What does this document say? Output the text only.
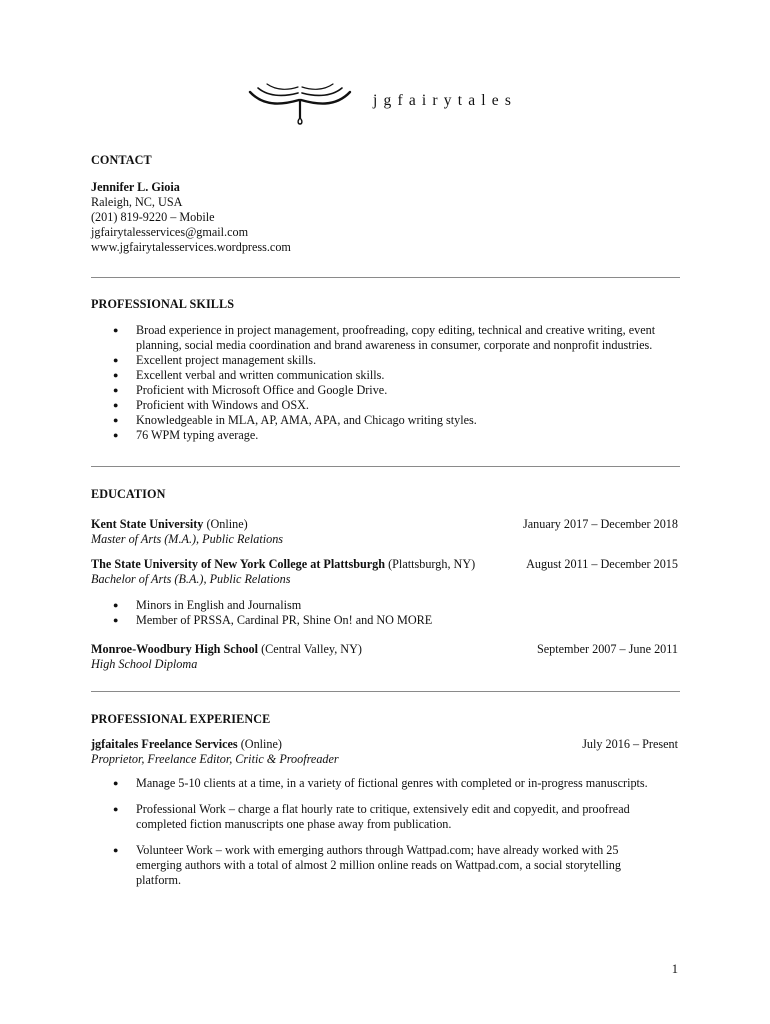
jgfairytales
CONTACT
Jennifer L. Gioia
Raleigh, NC, USA
(201) 819-9220 – Mobile
jgfairytalesservices@gmail.com
www.jgfairytalesservices.wordpress.com
PROFESSIONAL SKILLS
● Broad experience in project management, proofreading, copy editing, technical and creative writing, event planning, social media coordination and brand awareness in consumer, corporate and nonprofit industries.
● Excellent project management skills.
● Excellent verbal and written communication skills.
● Proficient with Microsoft Office and Google Drive.
● Proficient with Windows and OSX.
● Knowledgeable in MLA, AP, AMA, APA, and Chicago writing styles.
● 76 WPM typing average.
EDUCATION
Kent State University (Online)	January 2017 – December 2018
Master of Arts (M.A.), Public Relations
The State University of New York College at Plattsburgh (Plattsburgh, NY)	August 2011 – December 2015
Bachelor of Arts (B.A.), Public Relations
● Minors in English and Journalism
● Member of PRSSA, Cardinal PR, Shine On! and NO MORE
Monroe-Woodbury High School (Central Valley, NY)	September 2007 – June 2011
High School Diploma
PROFESSIONAL EXPERIENCE
jgfaitales Freelance Services (Online)	July 2016 – Present
Proprietor, Freelance Editor, Critic & Proofreader
● Manage 5-10 clients at a time, in a variety of fictional genres with completed or in-progress manuscripts.
● Professional Work – charge a flat hourly rate to critique, extensively edit and copyedit, and proofread completed fiction manuscripts one phase away from publication.
● Volunteer Work – work with emerging authors through Wattpad.com; have already worked with 25 emerging authors with a total of almost 2 million online reads on Wattpad.com, a social storytelling platform.
1
